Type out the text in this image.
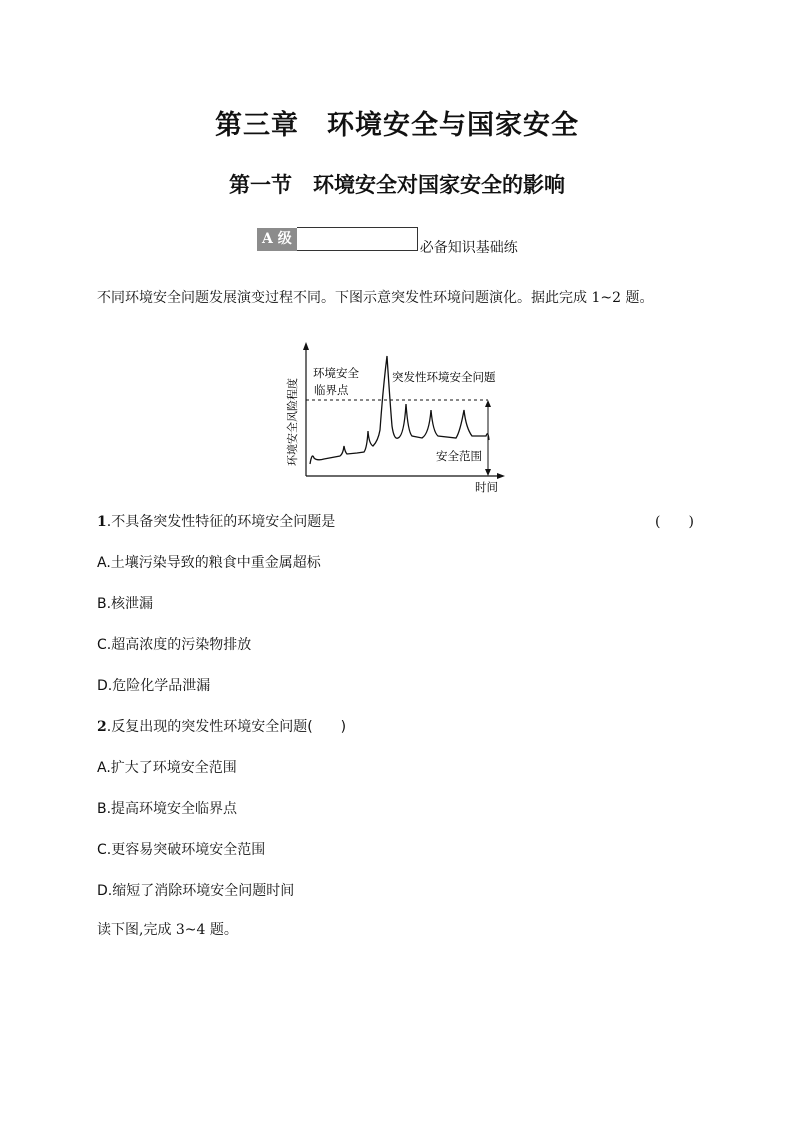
第三章　环境安全与国家安全
第一节　环境安全对国家安全的影响
A 级
必备知识基础练
不同环境安全问题发展演变过程不同。下图示意突发性环境问题演化。据此完成 1~2 题。
环境安全风险程度
环境安全
临界点
突发性环境安全问题
安全范围
时间
1.不具备突发性特征的环境安全问题是	(　　)
A.土壤污染导致的粮食中重金属超标
B.核泄漏
C.超高浓度的污染物排放
D.危险化学品泄漏
2.反复出现的突发性环境安全问题(　　)
A.扩大了环境安全范围
B.提高环境安全临界点
C.更容易突破环境安全范围
D.缩短了消除环境安全问题时间
读下图,完成 3~4 题。
